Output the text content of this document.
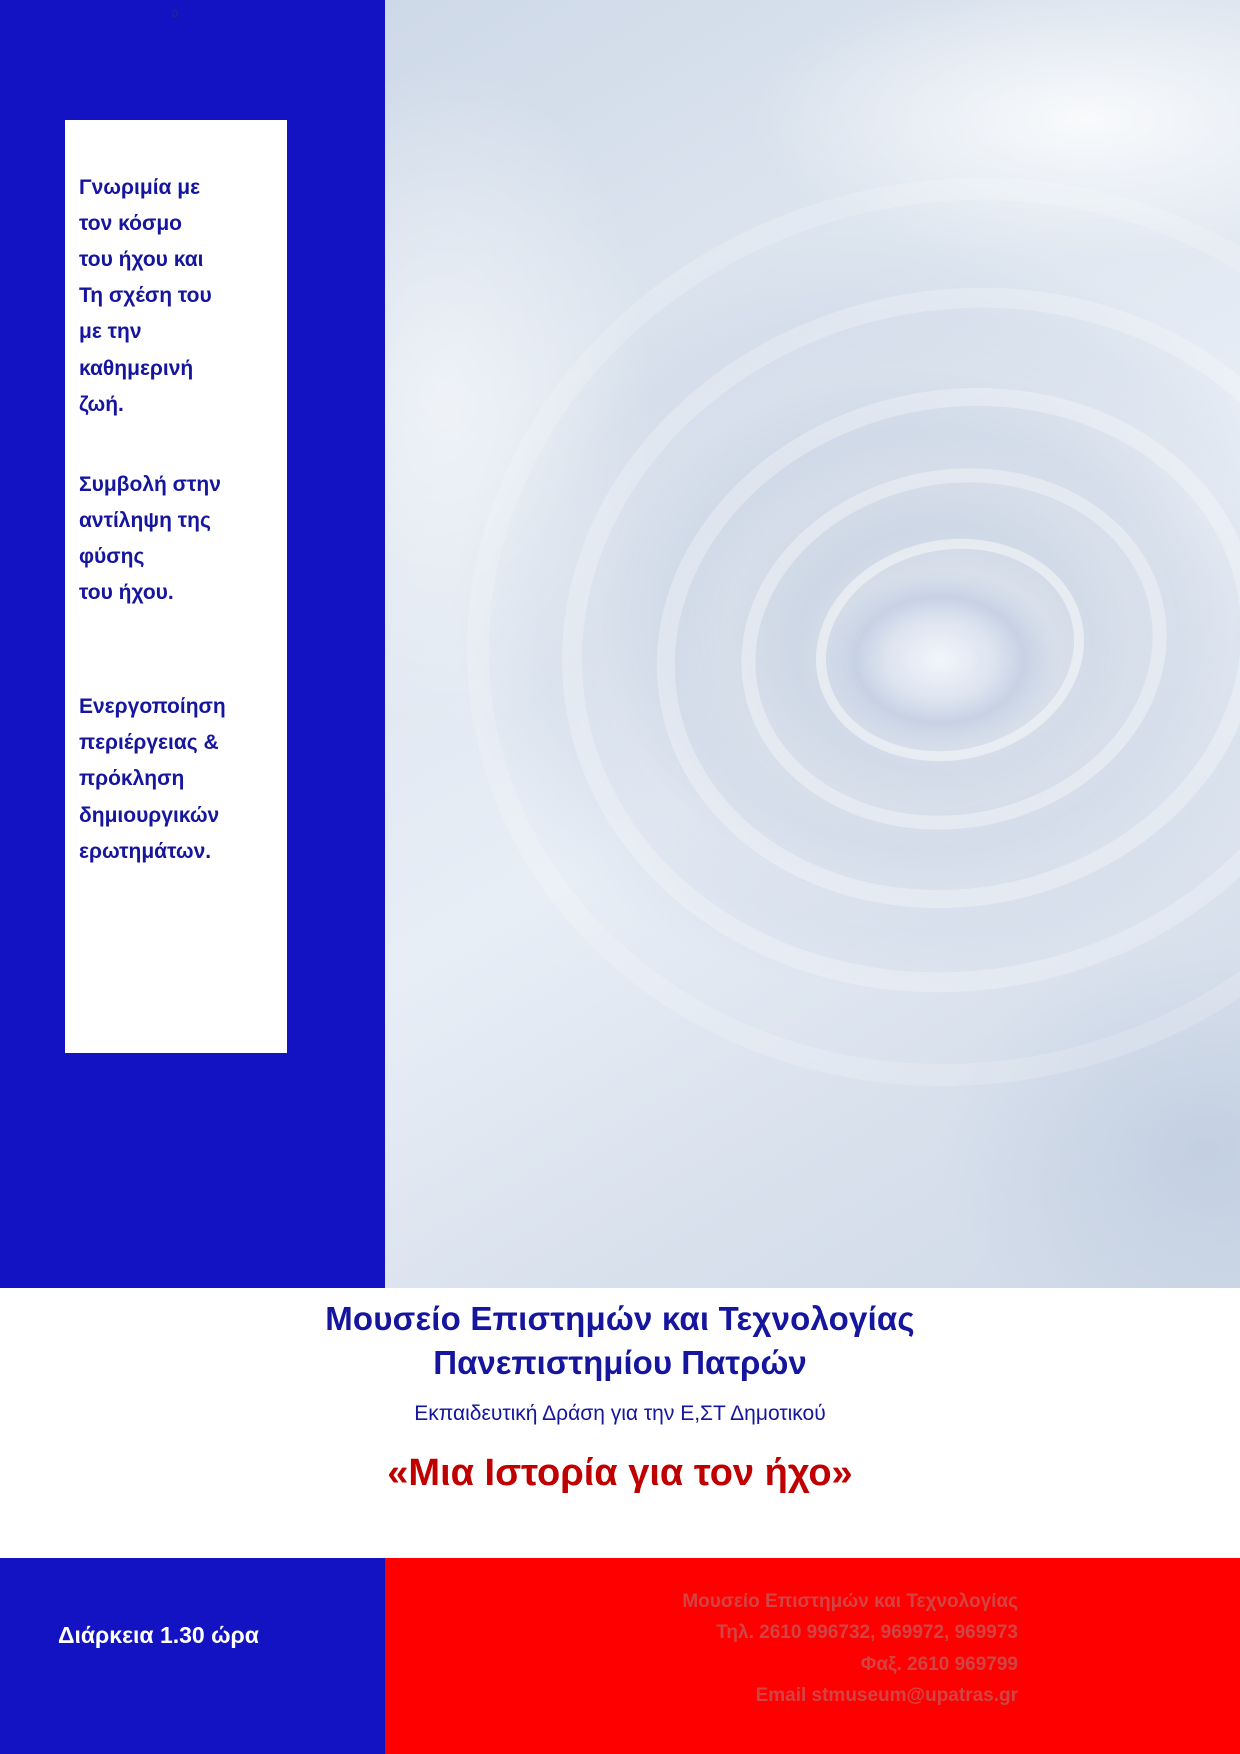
0

Γνωριμία με

τον κόσμο

του ήχου και

Τη σχέση του

με την

καθημερινή

ζωή.

Συμβολή στην

αντίληψη της

φύσης

του ήχου.

Ενεργοποίηση

περιέργειας &

πρόκληση

δημιουργικών

ερωτημάτων.

Μουσείο Επιστημών και Τεχνολογίας

Πανεπιστημίου Πατρών

Εκπαιδευτική Δράση για την Ε,ΣΤ Δημοτικού

«Μια Ιστορία για τον ήχο»

Διάρκεια 1.30 ώρα
Μουσείο Επιστημών και Τεχνολογίας
Τηλ. 2610 996732, 969972, 969973
Φαξ. 2610 969799
Email stmuseum@upatras.gr
